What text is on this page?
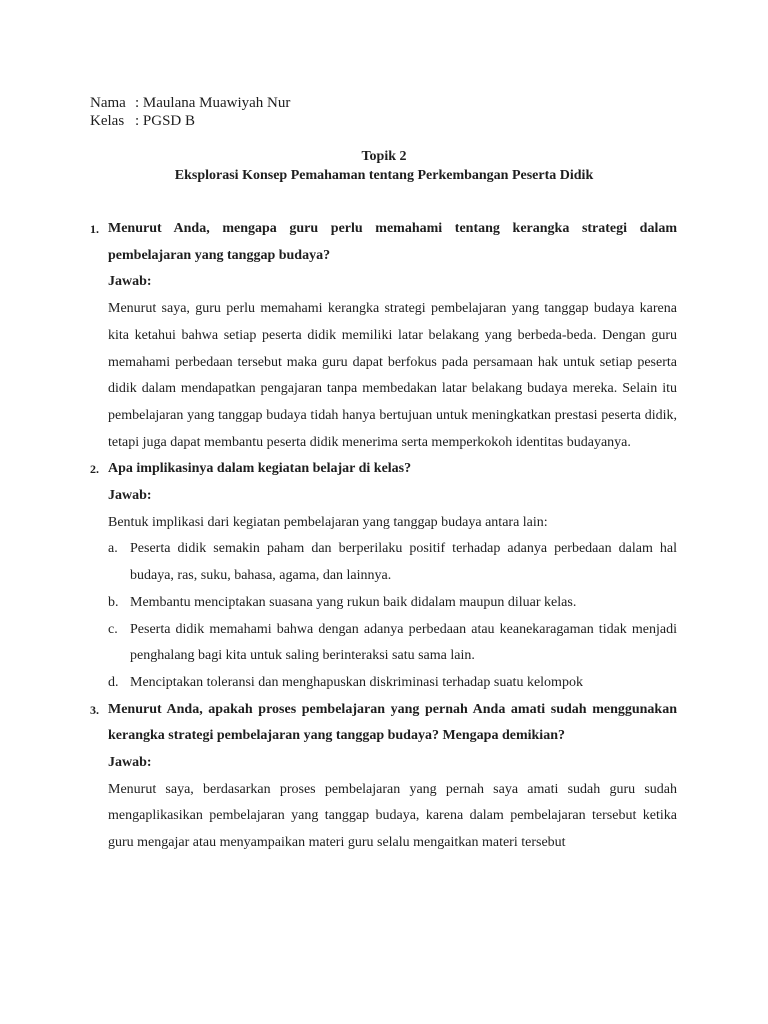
Nama : Maulana Muawiyah Nur
Kelas : PGSD B
Topik 2
Eksplorasi Konsep Pemahaman tentang Perkembangan Peserta Didik
1. Menurut Anda, mengapa guru perlu memahami tentang kerangka strategi dalam pembelajaran yang tanggap budaya?

Jawab:

Menurut saya, guru perlu memahami kerangka strategi pembelajaran yang tanggap budaya karena kita ketahui bahwa setiap peserta didik memiliki latar belakang yang berbeda-beda. Dengan guru memahami perbedaan tersebut maka guru dapat berfokus pada persamaan hak untuk setiap peserta didik dalam mendapatkan pengajaran tanpa membedakan latar belakang budaya mereka. Selain itu pembelajaran yang tanggap budaya tidah hanya bertujuan untuk meningkatkan prestasi peserta didik, tetapi juga dapat membantu peserta didik menerima serta memperkokoh identitas budayanya.

2. Apa implikasinya dalam kegiatan belajar di kelas?

Jawab:

Bentuk implikasi dari kegiatan pembelajaran yang tanggap budaya antara lain:

a. Peserta didik semakin paham dan berperilaku positif terhadap adanya perbedaan dalam hal budaya, ras, suku, bahasa, agama, dan lainnya.
b. Membantu menciptakan suasana yang rukun baik didalam maupun diluar kelas.
c. Peserta didik memahami bahwa dengan adanya perbedaan atau keanekaragaman tidak menjadi penghalang bagi kita untuk saling berinteraksi satu sama lain.
d. Menciptakan toleransi dan menghapuskan diskriminasi terhadap suatu kelompok
3. Menurut Anda, apakah proses pembelajaran yang pernah Anda amati sudah menggunakan kerangka strategi pembelajaran yang tanggap budaya? Mengapa demikian?

Jawab:

Menurut saya, berdasarkan proses pembelajaran yang pernah saya amati sudah guru sudah mengaplikasikan pembelajaran yang tanggap budaya, karena dalam pembelajaran tersebut ketika guru mengajar atau menyampaikan materi guru selalu mengaitkan materi tersebut
